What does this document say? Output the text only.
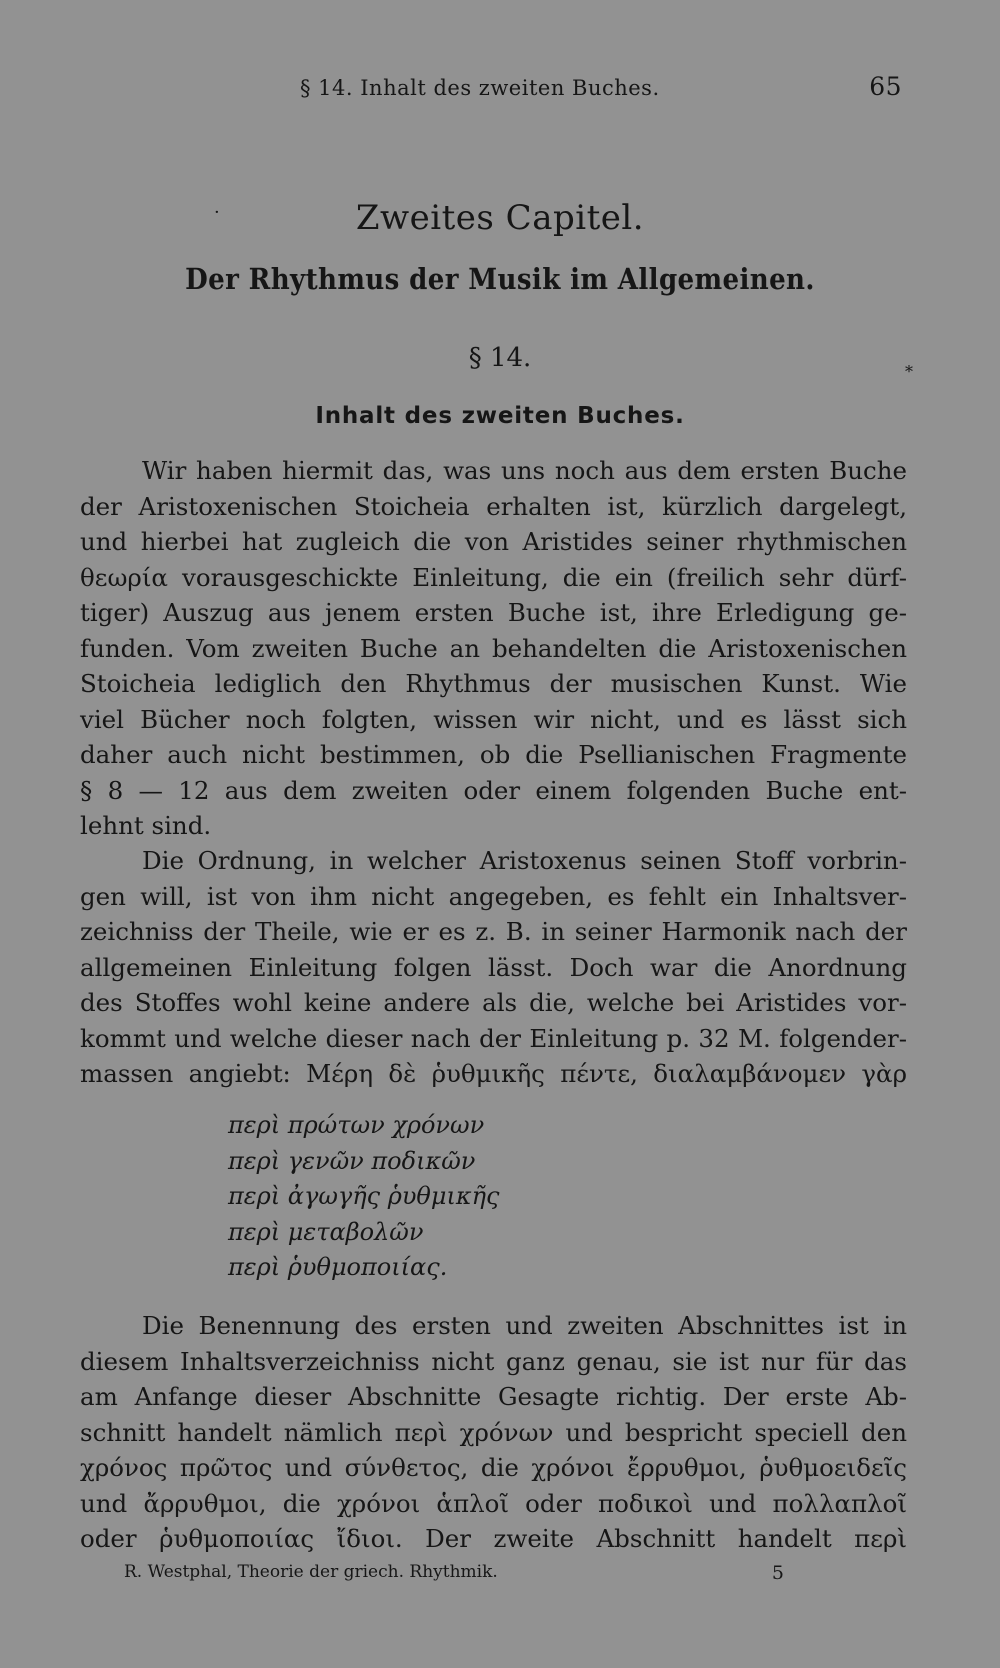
§ 14. Inhalt des zweiten Buches.	65
·	Zweites Capitel.
Der Rhythmus der Musik im Allgemeinen.
§ 14.	*
Inhalt des zweiten Buches.
Wir haben hiermit das, was uns noch aus dem ersten Buche
der Aristoxenischen Stoicheia erhalten ist, kürzlich dargelegt,
und hierbei hat zugleich die von Aristides seiner rhythmischen
θεωρία vorausgeschickte Einleitung, die ein (freilich sehr dürf-
tiger) Auszug aus jenem ersten Buche ist, ihre Erledigung ge-
funden. Vom zweiten Buche an behandelten die Aristoxenischen
Stoicheia lediglich den Rhythmus der musischen Kunst. Wie
viel Bücher noch folgten, wissen wir nicht, und es lässt sich
daher auch nicht bestimmen, ob die Psellianischen Fragmente
§ 8 — 12 aus dem zweiten oder einem folgenden Buche ent-
lehnt sind.
Die Ordnung, in welcher Aristoxenus seinen Stoff vorbrin-
gen will, ist von ihm nicht angegeben, es fehlt ein Inhaltsver-
zeichniss der Theile, wie er es z. B. in seiner Harmonik nach der
allgemeinen Einleitung folgen lässt. Doch war die Anordnung
des Stoffes wohl keine andere als die, welche bei Aristides vor-
kommt und welche dieser nach der Einleitung p. 32 M. folgender-
massen angiebt: Μέρη δὲ ῥυθμικῆς πέντε, διαλαμβάνομεν γὰρ
περὶ πρώτων χρόνων
περὶ γενῶν ποδικῶν
περὶ ἀγωγῆς ῥυθμικῆς
περὶ μεταβολῶν
περὶ ῥυθμοποιίας.
Die Benennung des ersten und zweiten Abschnittes ist in
diesem Inhaltsverzeichniss nicht ganz genau, sie ist nur für das
am Anfange dieser Abschnitte Gesagte richtig. Der erste Ab-
schnitt handelt nämlich περὶ χρόνων und bespricht speciell den
χρόνος πρῶτος und σύνθετος, die χρόνοι ἔρρυθμοι, ῥυθμοειδεῖς
und ἄρρυθμοι, die χρόνοι ἁπλοῖ oder ποδικοὶ und πολλαπλοῖ
oder ῥυθμοποιίας ἴδιοι. Der zweite Abschnitt handelt περὶ
R. Westphal, Theorie der griech. Rhythmik.	5
